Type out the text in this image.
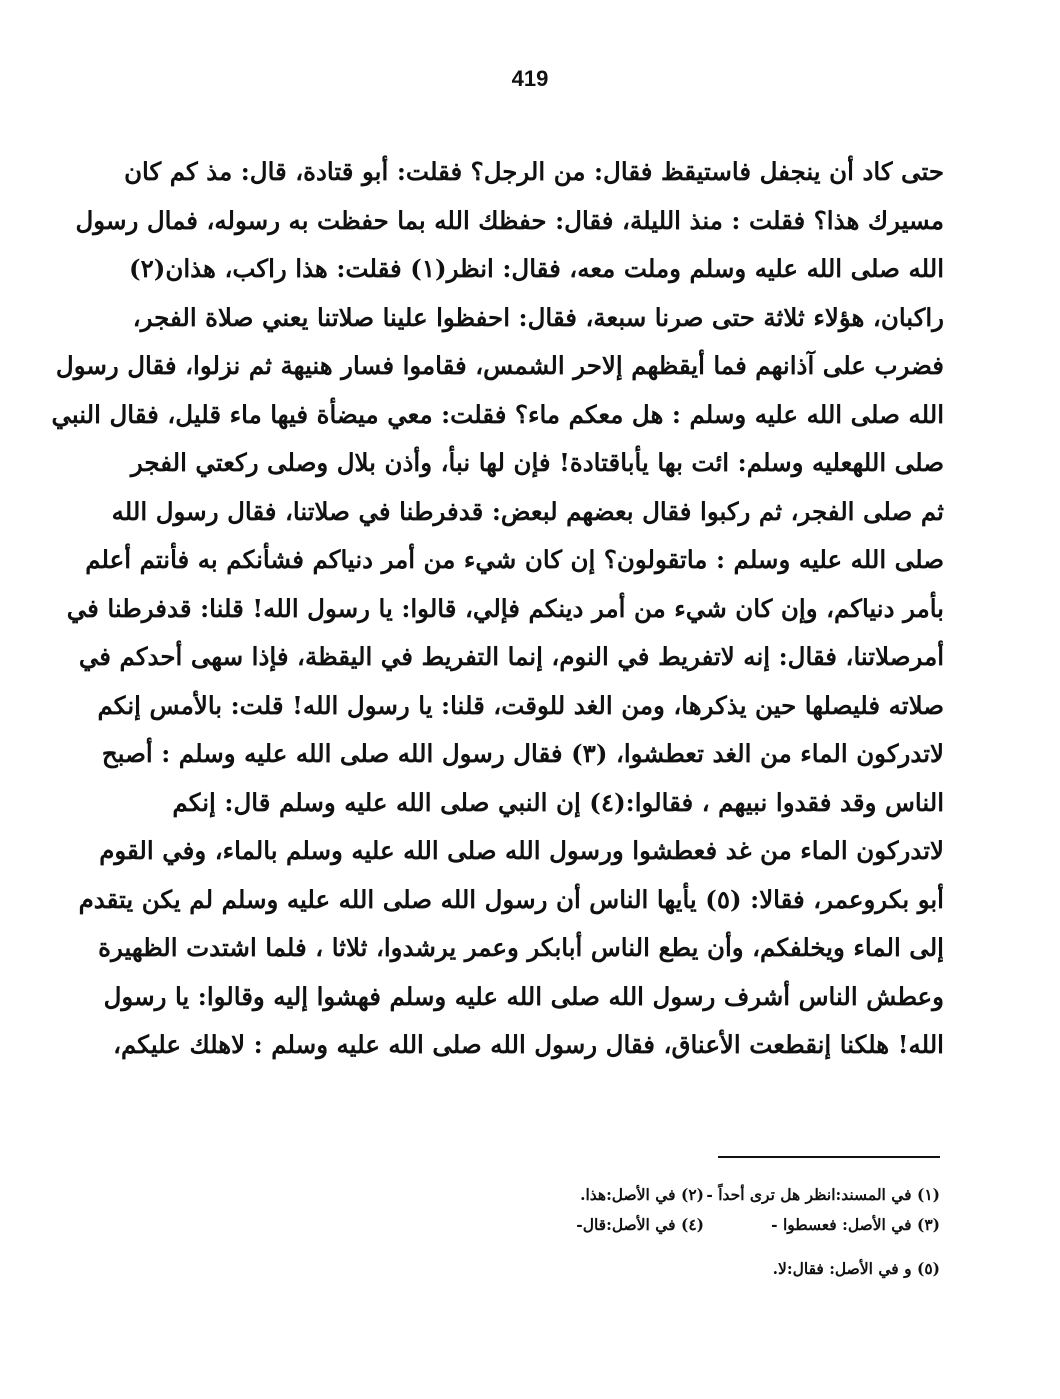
419
حتى كاد أن ينجفل فاستيقظ فقال: من الرجل؟ فقلت: أبو قتادة، قال: مذ كم كان
مسيرك هذا؟ فقلت : منذ الليلة، فقال: حفظك الله بما حفظت به رسوله، فمال رسول
الله صلى الله عليه وسلم وملت معه، فقال: انظر(١) فقلت: هذا راكب، هذان(٢)
راكبان، هؤلاء ثلاثة حتى صرنا سبعة، فقال: احفظوا علينا صلاتنا يعني صلاة الفجر،
فضرب على آذانهم فما أيقظهم إلاحر الشمس، فقاموا فسار هنيهة ثم نزلوا، فقال رسول
الله صلى الله عليه وسلم : هل معكم ماء؟ فقلت: معي ميضأة فيها ماء قليل، فقال النبي
صلى اللهعليه وسلم: ائت بها يأباقتادة! فإن لها نبأ، وأذن بلال وصلى ركعتي الفجر
ثم صلى الفجر، ثم ركبوا فقال بعضهم لبعض: قدفرطنا في صلاتنا، فقال رسول الله
صلى الله عليه وسلم : ماتقولون؟ إن كان شيء من أمر دنياكم فشأنكم به فأنتم أعلم
بأمر دنياكم، وإن كان شيء من أمر دينكم فإلي، قالوا: يا رسول الله! قلنا: قدفرطنا في
أمرصلاتنا، فقال: إنه لاتفريط في النوم، إنما التفريط في اليقظة، فإذا سهى أحدكم في
صلاته فليصلها حين يذكرها، ومن الغد للوقت، قلنا: يا رسول الله! قلت: بالأمس إنكم
لاتدركون الماء من الغد تعطشوا، (٣) فقال رسول الله صلى الله عليه وسلم : أصبح
الناس وقد فقدوا نبيهم ، فقالوا:(٤) إن النبي صلى الله عليه وسلم قال: إنكم
لاتدركون الماء من غد فعطشوا ورسول الله صلى الله عليه وسلم بالماء، وفي القوم
أبو بكروعمر، فقالا: (٥) يأيها الناس أن رسول الله صلى الله عليه وسلم لم يكن يتقدم
إلى الماء ويخلفكم، وأن يطع الناس أبابكر وعمر يرشدوا، ثلاثا ، فلما اشتدت الظهيرة
وعطش الناس أشرف رسول الله صلى الله عليه وسلم فهشوا إليه وقالوا: يا رسول
الله! هلكنا إنقطعت الأعناق، فقال رسول الله صلى الله عليه وسلم : لاهلك عليكم،
(١) في المسند:انظر هل ترى أحداً -(٢) في الأصل:هذا.
(٣) في الأصل: فعسطوا -(٤) في الأصل:قال-
(٥) و في الأصل: فقال:لا.
